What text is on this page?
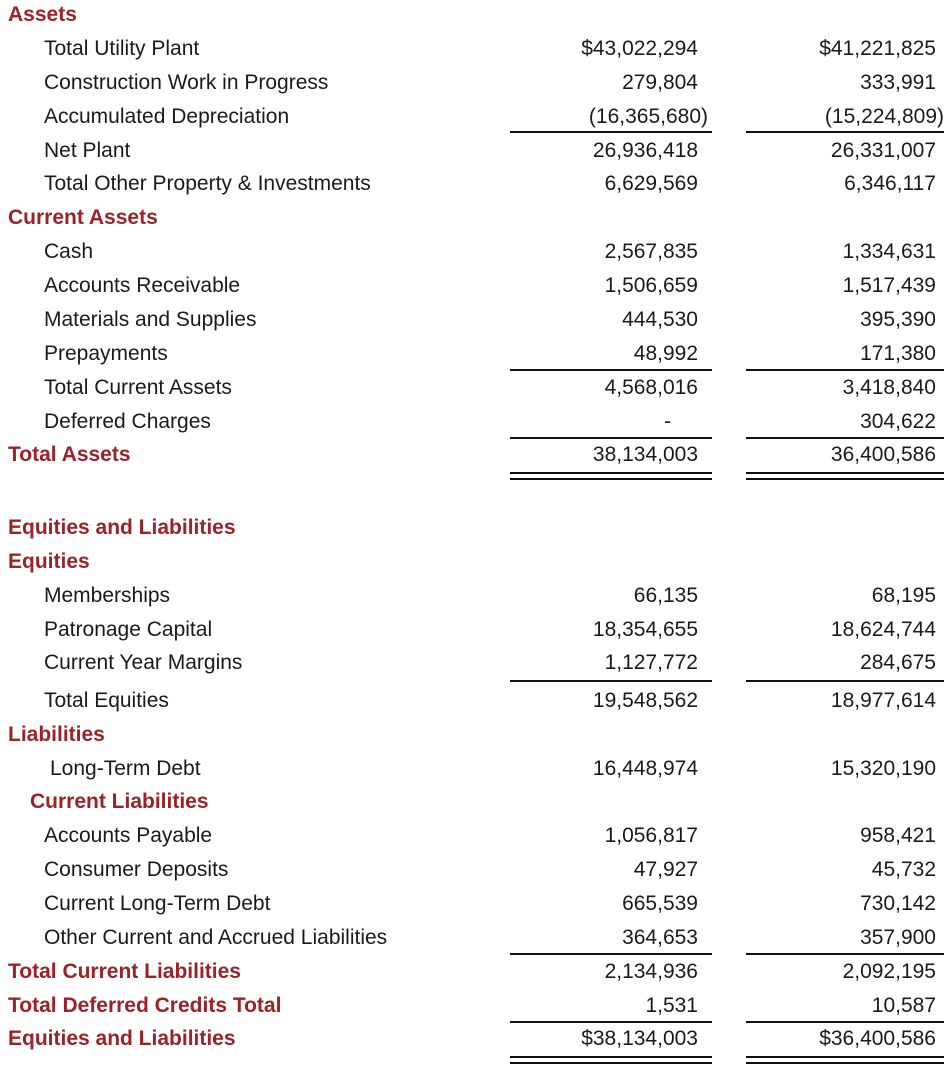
Assets
Total Utility Plant	$43,022,294	$41,221,825
Construction Work in Progress	279,804	333,991
Accumulated Depreciation	(16,365,680)	(15,224,809)
Net Plant	26,936,418	26,331,007
Total Other Property & Investments	6,629,569	6,346,117
Current Assets
Cash	2,567,835	1,334,631
Accounts Receivable	1,506,659	1,517,439
Materials and Supplies	444,530	395,390
Prepayments	48,992	171,380
Total Current Assets	4,568,016	3,418,840
Deferred Charges	-	304,622
Total Assets	38,134,003	36,400,586
Equities and Liabilities
Equities
Memberships	66,135	68,195
Patronage Capital	18,354,655	18,624,744
Current Year Margins	1,127,772	284,675
Total Equities	19,548,562	18,977,614
Liabilities
Long-Term Debt	16,448,974	15,320,190
Current Liabilities
Accounts Payable	1,056,817	958,421
Consumer Deposits	47,927	45,732
Current Long-Term Debt	665,539	730,142
Other Current and Accrued Liabilities	364,653	357,900
Total Current Liabilities	2,134,936	2,092,195
Total Deferred Credits Total	1,531	10,587
Equities and Liabilities	$38,134,003	$36,400,586
